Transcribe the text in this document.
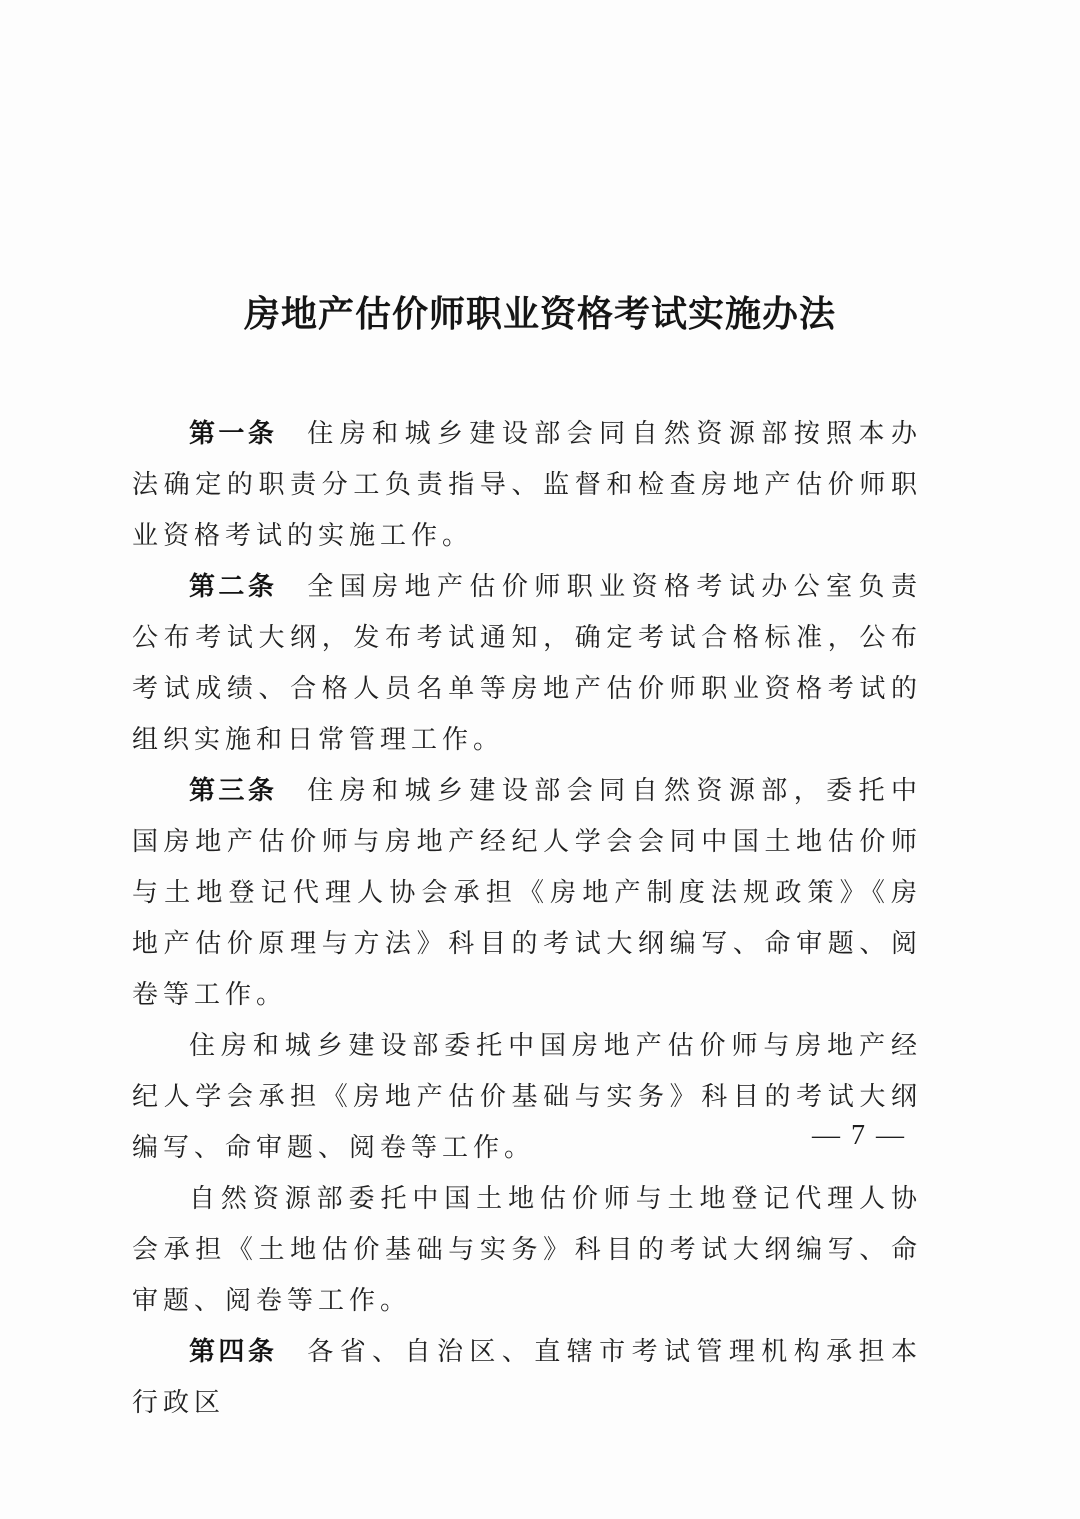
房地产估价师职业资格考试实施办法

第一条 住房和城乡建设部会同自然资源部按照本办法确定的职责分工负责指导、监督和检查房地产估价师职业资格考试的实施工作。

第二条 全国房地产估价师职业资格考试办公室负责公布考试大纲，发布考试通知，确定考试合格标准，公布考试成绩、合格人员名单等房地产估价师职业资格考试的组织实施和日常管理工作。

第三条 住房和城乡建设部会同自然资源部，委托中国房地产估价师与房地产经纪人学会会同中国土地估价师与土地登记代理人协会承担《房地产制度法规政策》《房地产估价原理与方法》科目的考试大纲编写、命审题、阅卷等工作。

住房和城乡建设部委托中国房地产估价师与房地产经纪人学会承担《房地产估价基础与实务》科目的考试大纲编写、命审题、阅卷等工作。

自然资源部委托中国土地估价师与土地登记代理人协会承担《土地估价基础与实务》科目的考试大纲编写、命审题、阅卷等工作。

第四条 各省、自治区、直辖市考试管理机构承担本行政区

— 7 —
